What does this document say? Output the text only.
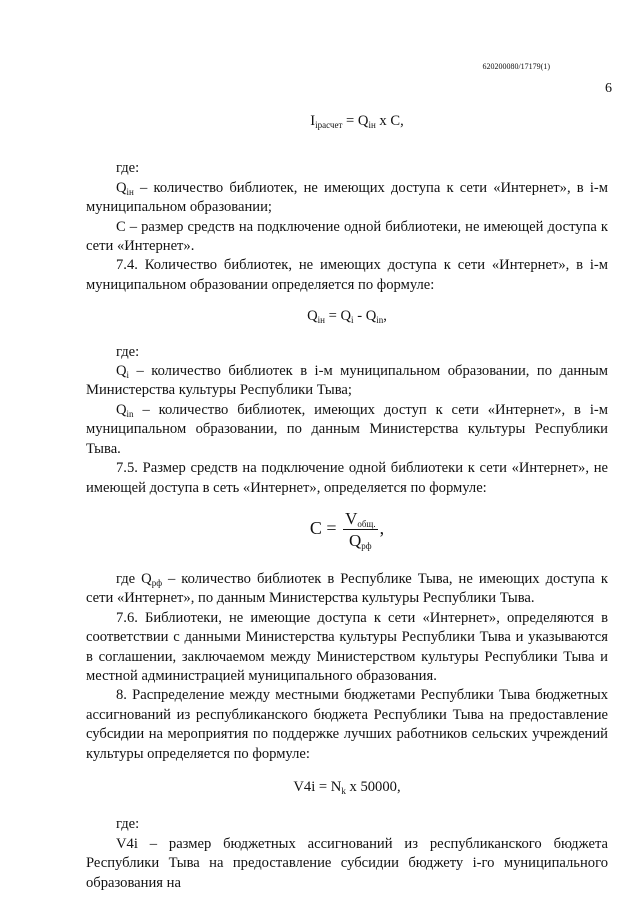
620200080/17179(1)
6
$I_{iрасчет} = Q_{iн}$ x C,

где:

$Q_{iн}$ – количество библиотек, не имеющих доступа к сети «Интернет», в i-м муниципальном образовании;

С – размер средств на подключение одной библиотеки, не имеющей доступа к сети «Интернет».

7.4. Количество библиотек, не имеющих доступа к сети «Интернет», в i-м муниципальном образовании определяется по формуле:

$Q_{iн} = Q_i - Q_{in}$,

где:

$Q_i$ – количество библиотек в i-м муниципальном образовании, по данным Министерства культуры Республики Тыва;

$Q_{in}$ – количество библиотек, имеющих доступ к сети «Интернет», в i-м муниципальном образовании, по данным Министерства культуры Республики Тыва.

7.5. Размер средств на подключение одной библиотеки к сети «Интернет», не имеющей доступа в сеть «Интернет», определяется по формуле:

$С = \frac{V_{общ.}}{Q_{рф}}$ ,

где $Q_{рф}$ – количество библиотек в Республике Тыва, не имеющих доступа к сети «Интернет», по данным Министерства культуры Республики Тыва.

7.6. Библиотеки, не имеющие доступа к сети «Интернет», определяются в соответствии с данными Министерства культуры Республики Тыва и указываются в соглашении, заключаемом между Министерством культуры Республики Тыва и местной администрацией муниципального образования.

8. Распределение между местными бюджетами Республики Тыва бюджетных ассигнований из республиканского бюджета Республики Тыва на предоставление субсидии на мероприятия по поддержке лучших работников сельских учреждений культуры определяется по формуле:

$V4i = N_k$ x 50000,

где:

V4i – размер бюджетных ассигнований из республиканского бюджета Республики Тыва на предоставление субсидии бюджету i-го муниципального образования на
